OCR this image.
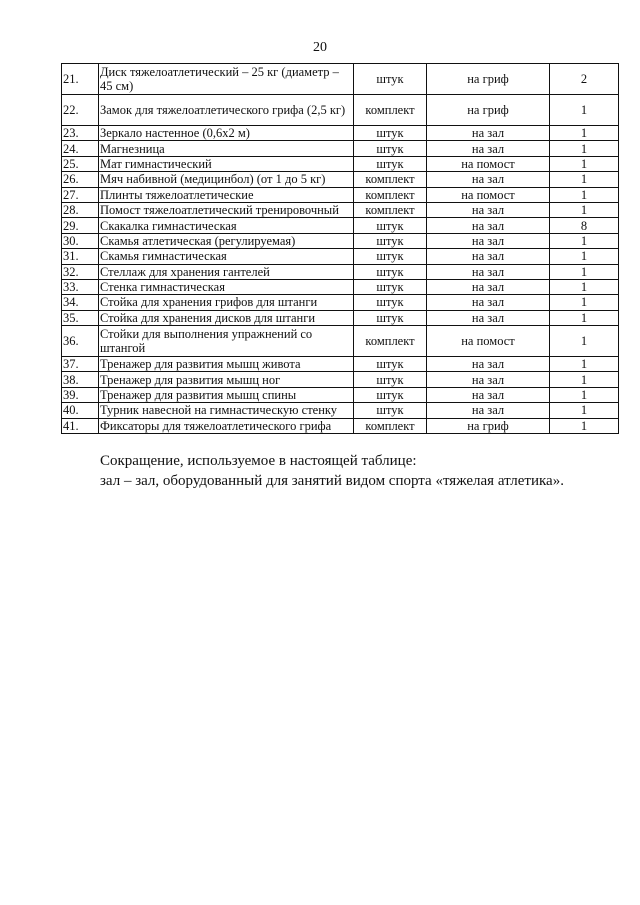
20
21.	Диск тяжелоатлетический – 25 кг (диаметр – 45 см)	штук	на гриф	2
22.	Замок для тяжелоатлетического грифа (2,5 кг)	комплект	на гриф	1
23.	Зеркало настенное (0,6х2 м)	штук	на зал	1
24.	Магнезница	штук	на зал	1
25.	Мат гимнастический	штук	на помост	1
26.	Мяч набивной (медицинбол) (от 1 до 5 кг)	комплект	на зал	1
27.	Плинты тяжелоатлетические	комплект	на помост	1
28.	Помост тяжелоатлетический тренировочный	комплект	на зал	1
29.	Скакалка гимнастическая	штук	на зал	8
30.	Скамья атлетическая (регулируемая)	штук	на зал	1
31.	Скамья гимнастическая	штук	на зал	1
32.	Стеллаж для хранения гантелей	штук	на зал	1
33.	Стенка гимнастическая	штук	на зал	1
34.	Стойка для хранения грифов для штанги	штук	на зал	1
35.	Стойка для хранения дисков для штанги	штук	на зал	1
36.	Стойки для выполнения упражнений со штангой	комплект	на помост	1
37.	Тренажер для развития мышц живота	штук	на зал	1
38.	Тренажер для развития мышц ног	штук	на зал	1
39.	Тренажер для развития мышц спины	штук	на зал	1
40.	Турник навесной на гимнастическую стенку	штук	на зал	1
41.	Фиксаторы для тяжелоатлетического грифа	комплект	на гриф	1
Сокращение, используемое в настоящей таблице:
зал – зал, оборудованный для занятий видом спорта «тяжелая атлетика».
